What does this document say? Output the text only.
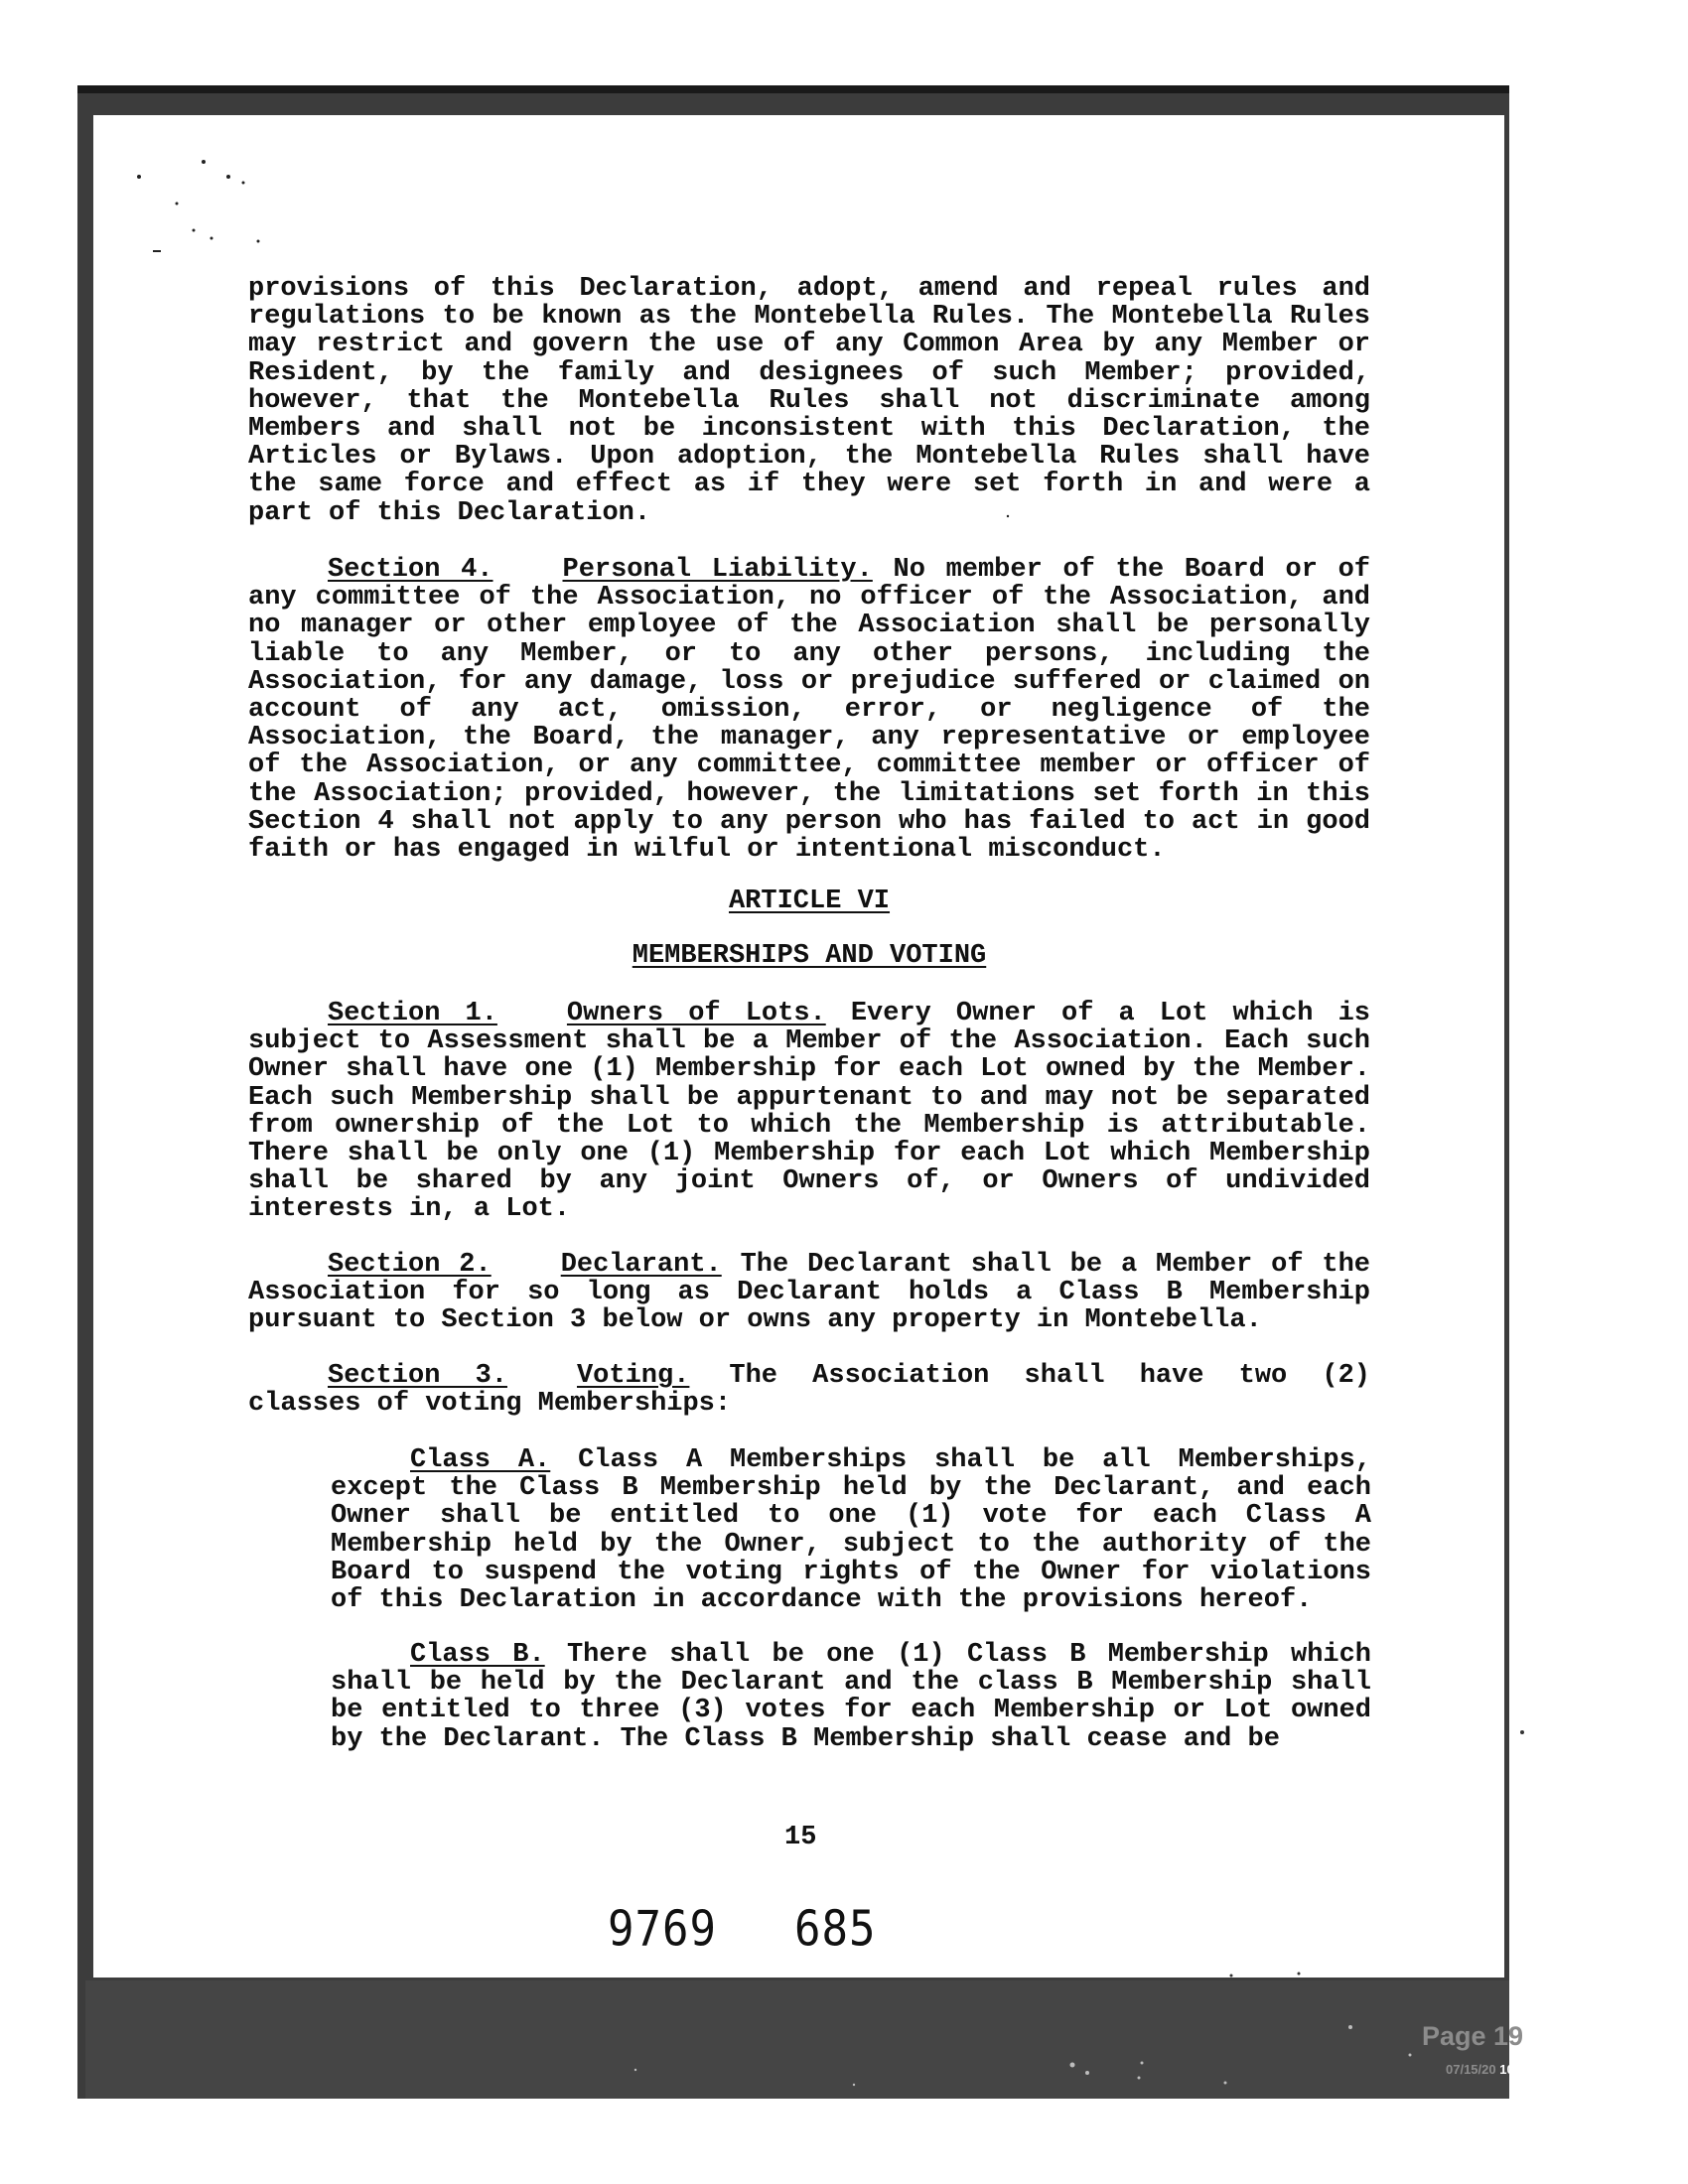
provisions of this Declaration, adopt, amend and repeal rules and regulations to be known as the Montebella Rules. The Montebella Rules may restrict and govern the use of any Common Area by any Member or Resident, by the family and designees of such Member; provided, however, that the Montebella Rules shall not discriminate among Members and shall not be inconsistent with this Declaration, the Articles or Bylaws. Upon adoption, the Montebella Rules shall have the same force and effect as if they were set forth in and were a part of this Declaration.

Section 4.	Personal Liability. No member of the Board or of any committee of the Association, no officer of the Association, and no manager or other employee of the Association shall be personally liable to any Member, or to any other persons, including the Association, for any damage, loss or prejudice suffered or claimed on account of any act, omission, error, or negligence of the Association, the Board, the manager, any representative or employee of the Association, or any committee, committee member or officer of the Association; provided, however, the limitations set forth in this Section 4 shall not apply to any person who has failed to act in good faith or has engaged in wilful or intentional misconduct.

ARTICLE VI

MEMBERSHIPS AND VOTING

Section 1.	Owners of Lots. Every Owner of a Lot which is subject to Assessment shall be a Member of the Association. Each such Owner shall have one (1) Membership for each Lot owned by the Member. Each such Membership shall be appurtenant to and may not be separated from ownership of the Lot to which the Membership is attributable. There shall be only one (1) Membership for each Lot which Membership shall be shared by any joint Owners of, or Owners of undivided interests in, a Lot.

Section 2.	Declarant. The Declarant shall be a Member of the Association for so long as Declarant holds a Class B Membership pursuant to Section 3 below or owns any property in Montebella.

Section 3.	Voting. The Association shall have two (2) classes of voting Memberships:

Class A. Class A Memberships shall be all Memberships, except the Class B Membership held by the Declarant, and each Owner shall be entitled to one (1) vote for each Class A Membership held by the Owner, subject to the authority of the Board to suspend the voting rights of the Owner for violations of this Declaration in accordance with the provisions hereof.

Class B. There shall be one (1) Class B Membership which shall be held by the Declarant and the class B Membership shall be entitled to three (3) votes for each Membership or Lot owned by the Declarant. The Class B Membership shall cease and be

15
9769 685
Page 19 of 37
07/15/20 10:51 AM
